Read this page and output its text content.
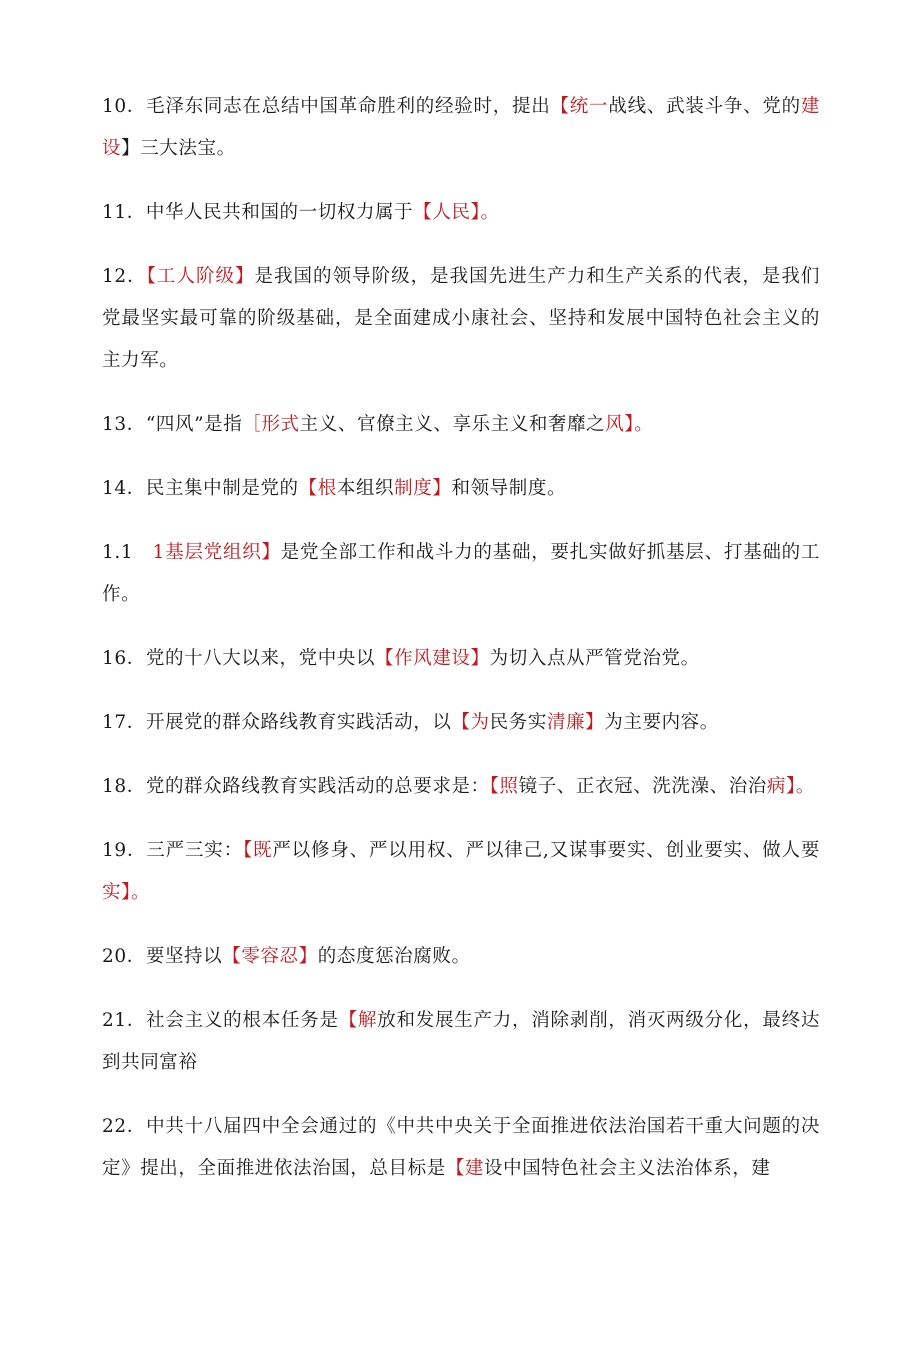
10．毛泽东同志在总结中国革命胜利的经验时，提出【统一战线、武装斗争、党的建设】三大法宝。

11．中华人民共和国的一切权力属于【人民】。

12．【工人阶级】是我国的领导阶级，是我国先进生产力和生产关系的代表，是我们党最坚实最可靠的阶级基础，是全面建成小康社会、坚持和发展中国特色社会主义的主力军。

13．“四风”是指［形式主义、官僚主义、享乐主义和奢靡之风】。

14．民主集中制是党的【根本组织制度】和领导制度。

1.1　1基层党组织】是党全部工作和战斗力的基础，要扎实做好抓基层、打基础的工作。

16．党的十八大以来，党中央以【作风建设】为切入点从严管党治党。

17．开展党的群众路线教育实践活动，以【为民务实清廉】为主要内容。

18．党的群众路线教育实践活动的总要求是：【照镜子、正衣冠、洗洗澡、治治病】。

19．三严三实：【既严以修身、严以用权、严以律己,又谋事要实、创业要实、做人要实】。

20．要坚持以【零容忍】的态度惩治腐败。

21．社会主义的根本任务是【解放和发展生产力，消除剥削，消灭两级分化，最终达到共同富裕

22．中共十八届四中全会通过的《中共中央关于全面推进依法治国若干重大问题的决定》提出，全面推进依法治国，总目标是【建设中国特色社会主义法治体系，建
